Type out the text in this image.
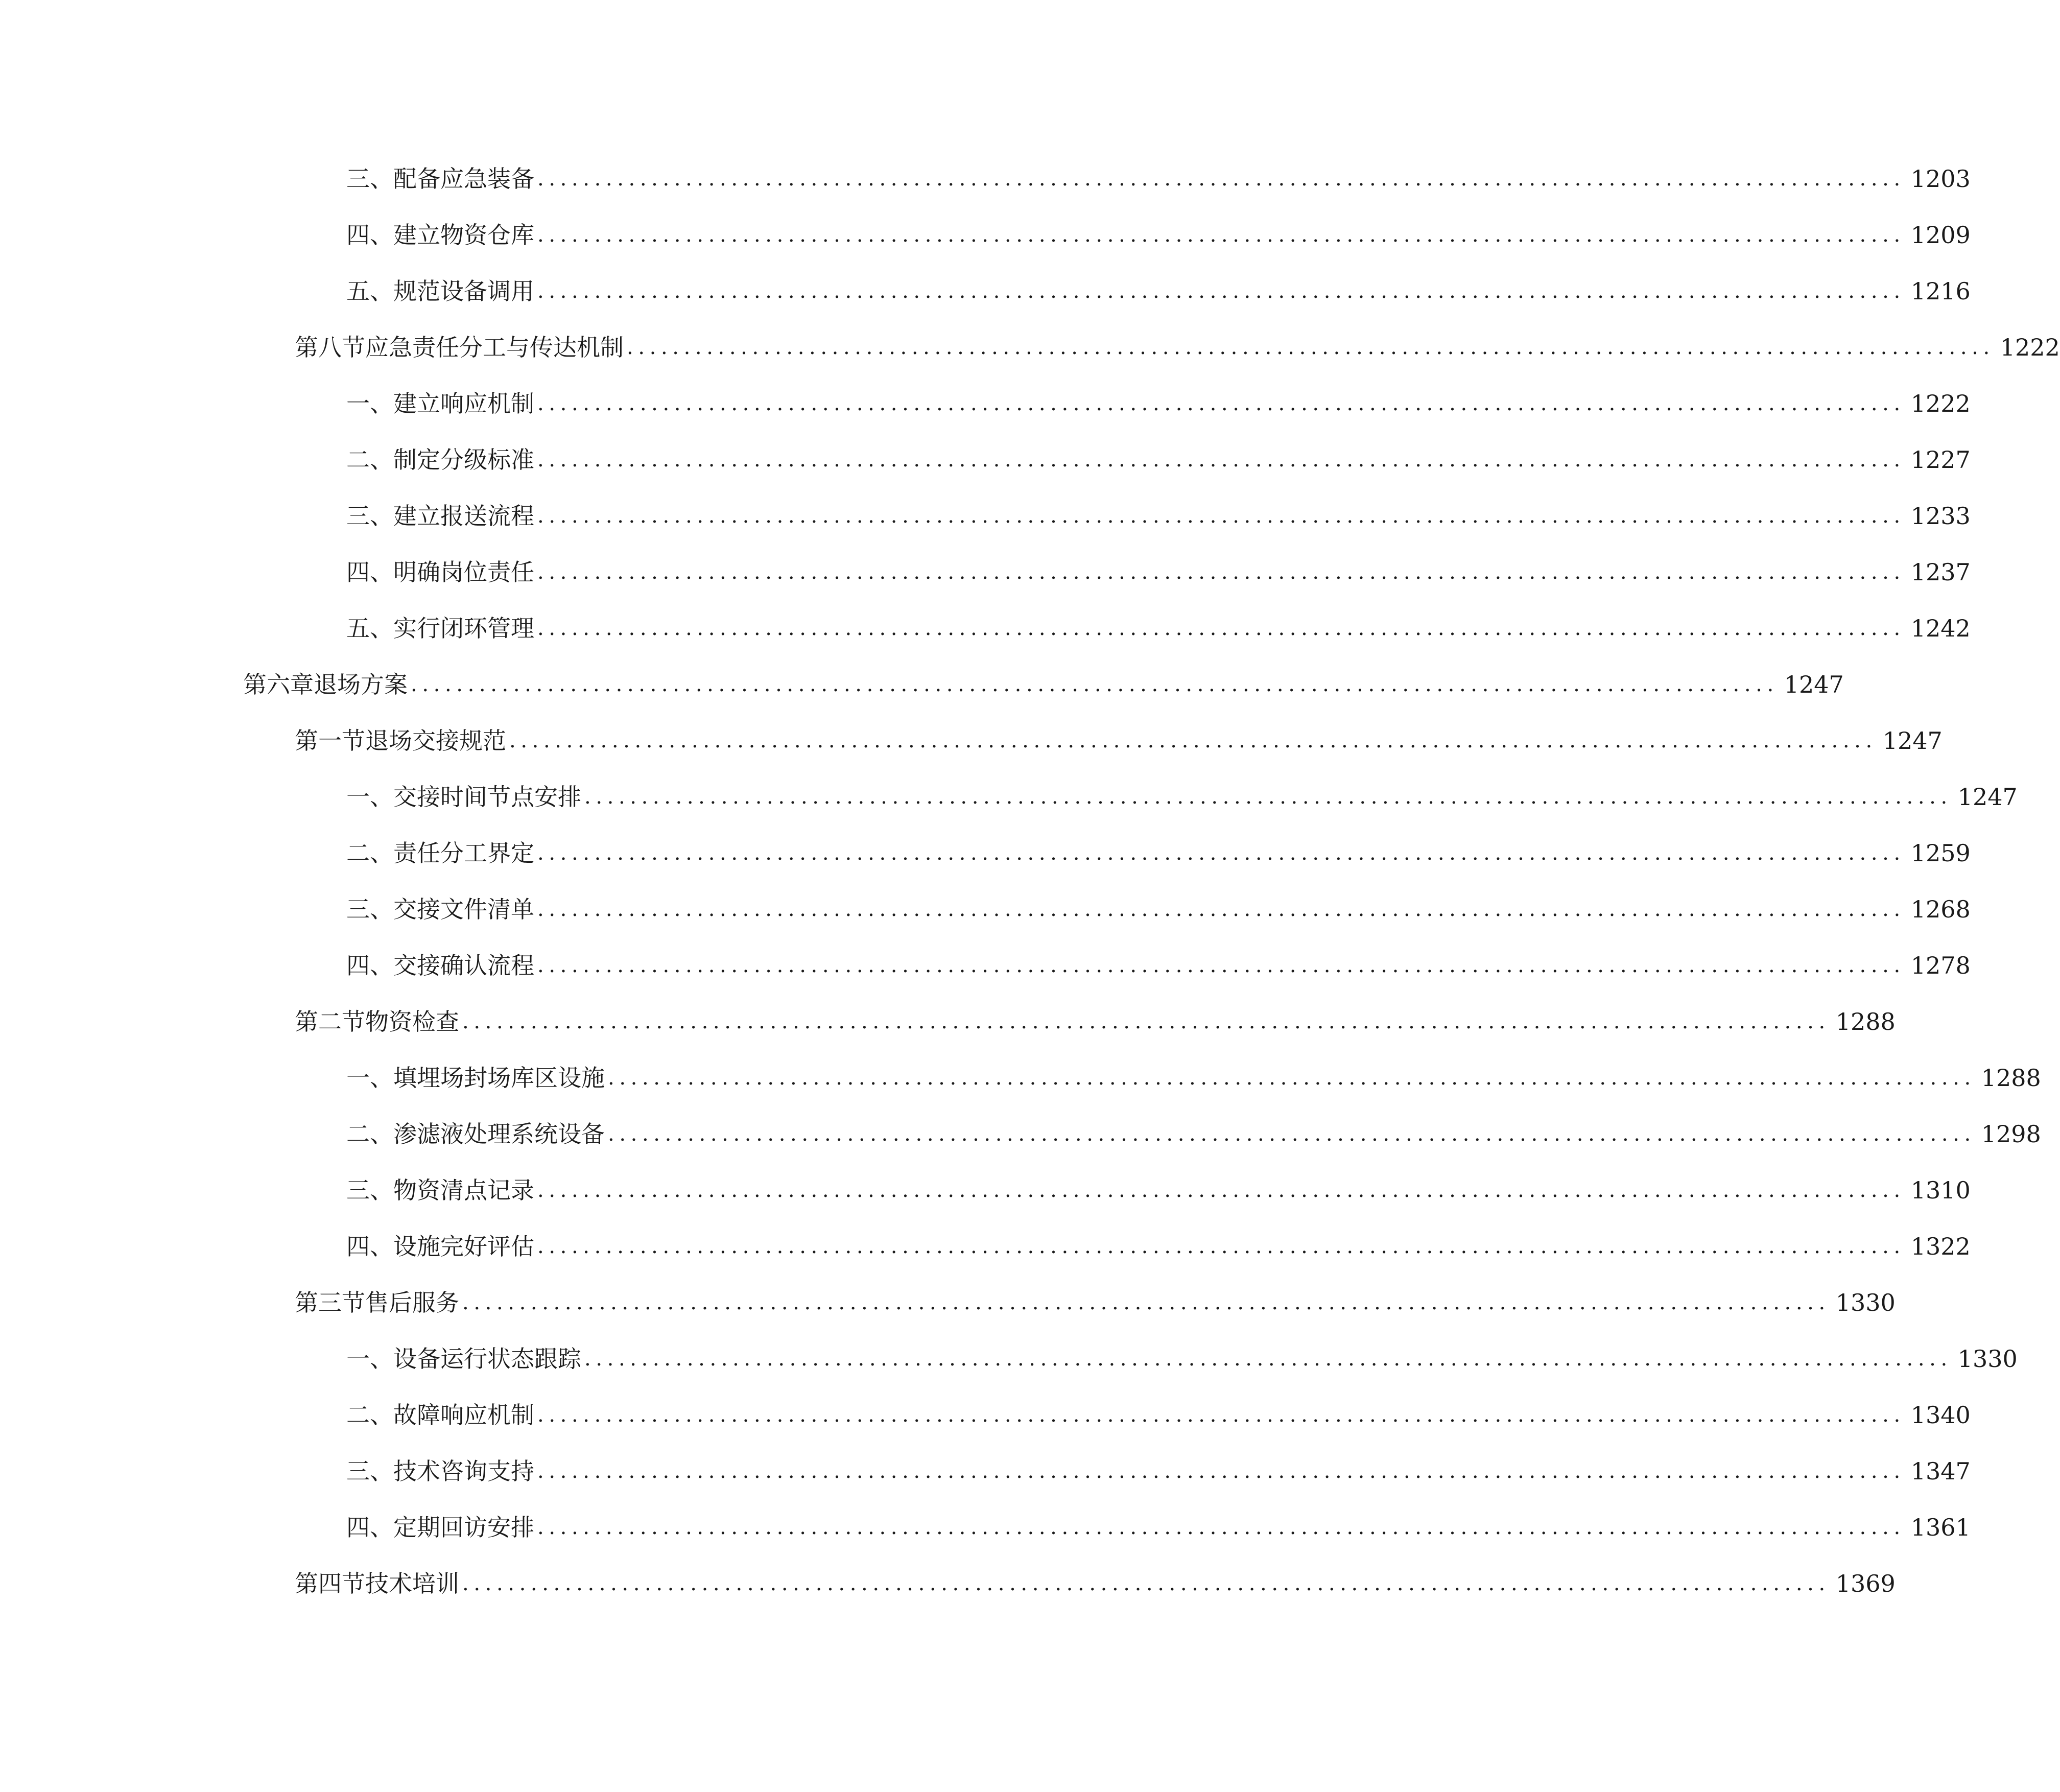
三、 配备应急装备 ........................................................................................................................ 1203
四、 建立物资仓库 ........................................................................................................................ 1209
五、 规范设备调用 ........................................................................................................................ 1216
第八节 应急责任分工与传达机制 ........................................................................................................................ 1222
一、 建立响应机制 ........................................................................................................................ 1222
二、 制定分级标准 ........................................................................................................................ 1227
三、 建立报送流程 ........................................................................................................................ 1233
四、 明确岗位责任 ........................................................................................................................ 1237
五、 实行闭环管理 ........................................................................................................................ 1242
第六章 退场方案 ........................................................................................................................ 1247
第一节 退场交接规范 ........................................................................................................................ 1247
一、 交接时间节点安排 ........................................................................................................................ 1247
二、 责任分工界定 ........................................................................................................................ 1259
三、 交接文件清单 ........................................................................................................................ 1268
四、 交接确认流程 ........................................................................................................................ 1278
第二节 物资检查 ........................................................................................................................ 1288
一、 填埋场封场库区设施 ........................................................................................................................ 1288
二、 渗滤液处理系统设备 ........................................................................................................................ 1298
三、 物资清点记录 ........................................................................................................................ 1310
四、 设施完好评估 ........................................................................................................................ 1322
第三节 售后服务 ........................................................................................................................ 1330
一、 设备运行状态跟踪 ........................................................................................................................ 1330
二、 故障响应机制 ........................................................................................................................ 1340
三、 技术咨询支持 ........................................................................................................................ 1347
四、 定期回访安排 ........................................................................................................................ 1361
第四节 技术培训 ........................................................................................................................ 1369
